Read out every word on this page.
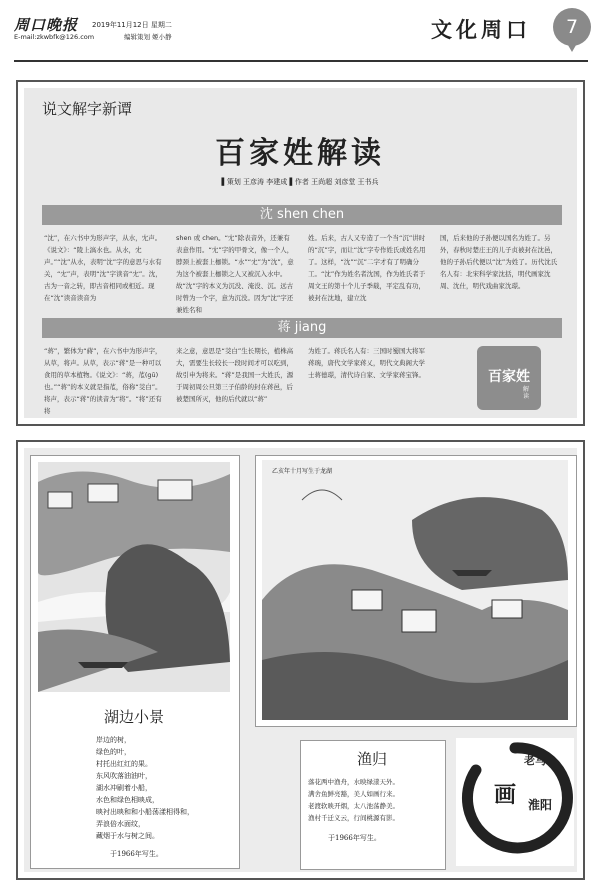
周口晚报 2019年11月12日 星期二
E-mail:zkwbfk@126.com	编辑策划 姬小静	文化周口	7
说文解字新谭
百家姓解读
▌策划 王彦涛 李建成 ▌作者 王尚超 刘彦堂 王书兵
沈 shen chen
“沈”，在六书中为形声字，从水，冘声。《说文》：“陵上滈水也。从水，冘声。”“沈”从水，表明“沈”字的意思与水有关，“冘”声，表明“沈”字读音“冘”。沈，古为一音之转，即古音相同或相近。现在“沈”读音读音为
shen 或 chen。“冘”除表音外，还兼有表意作用。“冘”字的甲骨文，像一个人，脖颈上被套上枷锁。“水”“冘”为“沈”，意为这个被套上枷锁之人又被沉入水中。故“沈”字的本义为沉没、淹没、沉。远古时曾为一个字，意为沉没。因为“沈”字还兼姓名和
姓。后来，古人又专造了一个当“沉”讲时的“沉”字，而让“沈”字专作姓氏或姓名用了。这样，“沈”“沉”二字才有了明确分工。“沈”作为姓名者沈国，作为姓氏者于周文王的第十个儿子季载，平定乱有功，被封在沈地，建立沈
国，后来他的子孙便以国名为姓了。另外，春秋时楚庄王的儿子贞被封在沈邑，他的子孙后代便以“沈”为姓了。历代沈氏名人有：北宋科学家沈括，明代画家沈周、沈仕，明代戏曲家沈璟。
蒋 jiang
“蒋”，繁体为“蔣”，在六书中为形声字，从草，将声。从草，表示“蒋”是一种可以食用的草本植物。《说文》：“蒋，苽(gū)也。”“蒋”的本义就是指苽，俗称“茭白”。将声，表示“蒋”的读音为“将”。“将”还有将
来之意，意思是“茭白”生长期长，植株高大，需要生长较长一段时间才可以吃到，故引申为将来。“蒋”是我国一大姓氏，源于周初周公旦第三子伯龄的封在蒋邑，后被楚国所灭，他的后代就以“蒋”
为姓了。蒋氏名人有：三国时蜀国大将军蒋琬，唐代文学家蒋乂，明代文典阁大学士蒋德璟，清代诗自家、文学家蒋宝锋。	百家姓
解读
湖边小景
岸边的树，
绿色的叶，
村托出红红的果。
东风吹落油油叶，
湖水冲刷着小船，
水色和绿色相映成，
映衬出映和和小船荡漾相得和，
弄浪倍水面纹，
藏烟于水与树之间。
于1966年写生。
乙亥年十月写生于龙湖
渔归
落花两中渔舟，水映绿漾天外。
满舍鱼鲜亮豁，美人如画行来。
老渡软映开烟，太八池荡静美。
渔村千迁义云，行间桃源有影。
于1966年写生。
老马
画 淮阳
作者：
夏氏亚
